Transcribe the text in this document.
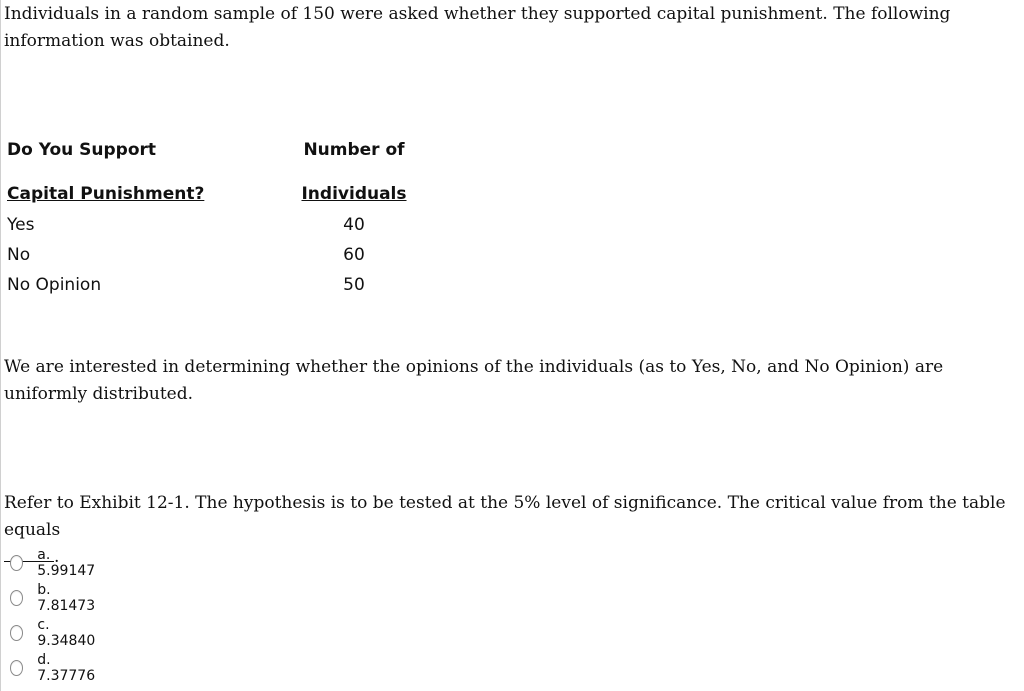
Individuals in a random sample of 150 were asked whether they supported capital punishment. The following information was obtained.

Do You Support	Number of
Capital Punishment?	Individuals
Yes	40
No	60
No Opinion	50

We are interested in determining whether the opinions of the individuals (as to Yes, No, and No Opinion) are uniformly distributed.

Refer to Exhibit 12-1. The hypothesis is to be tested at the 5% level of significance. The critical value from the table equals
.

a. 5.99147
b. 7.81473
c. 9.34840
d. 7.37776
